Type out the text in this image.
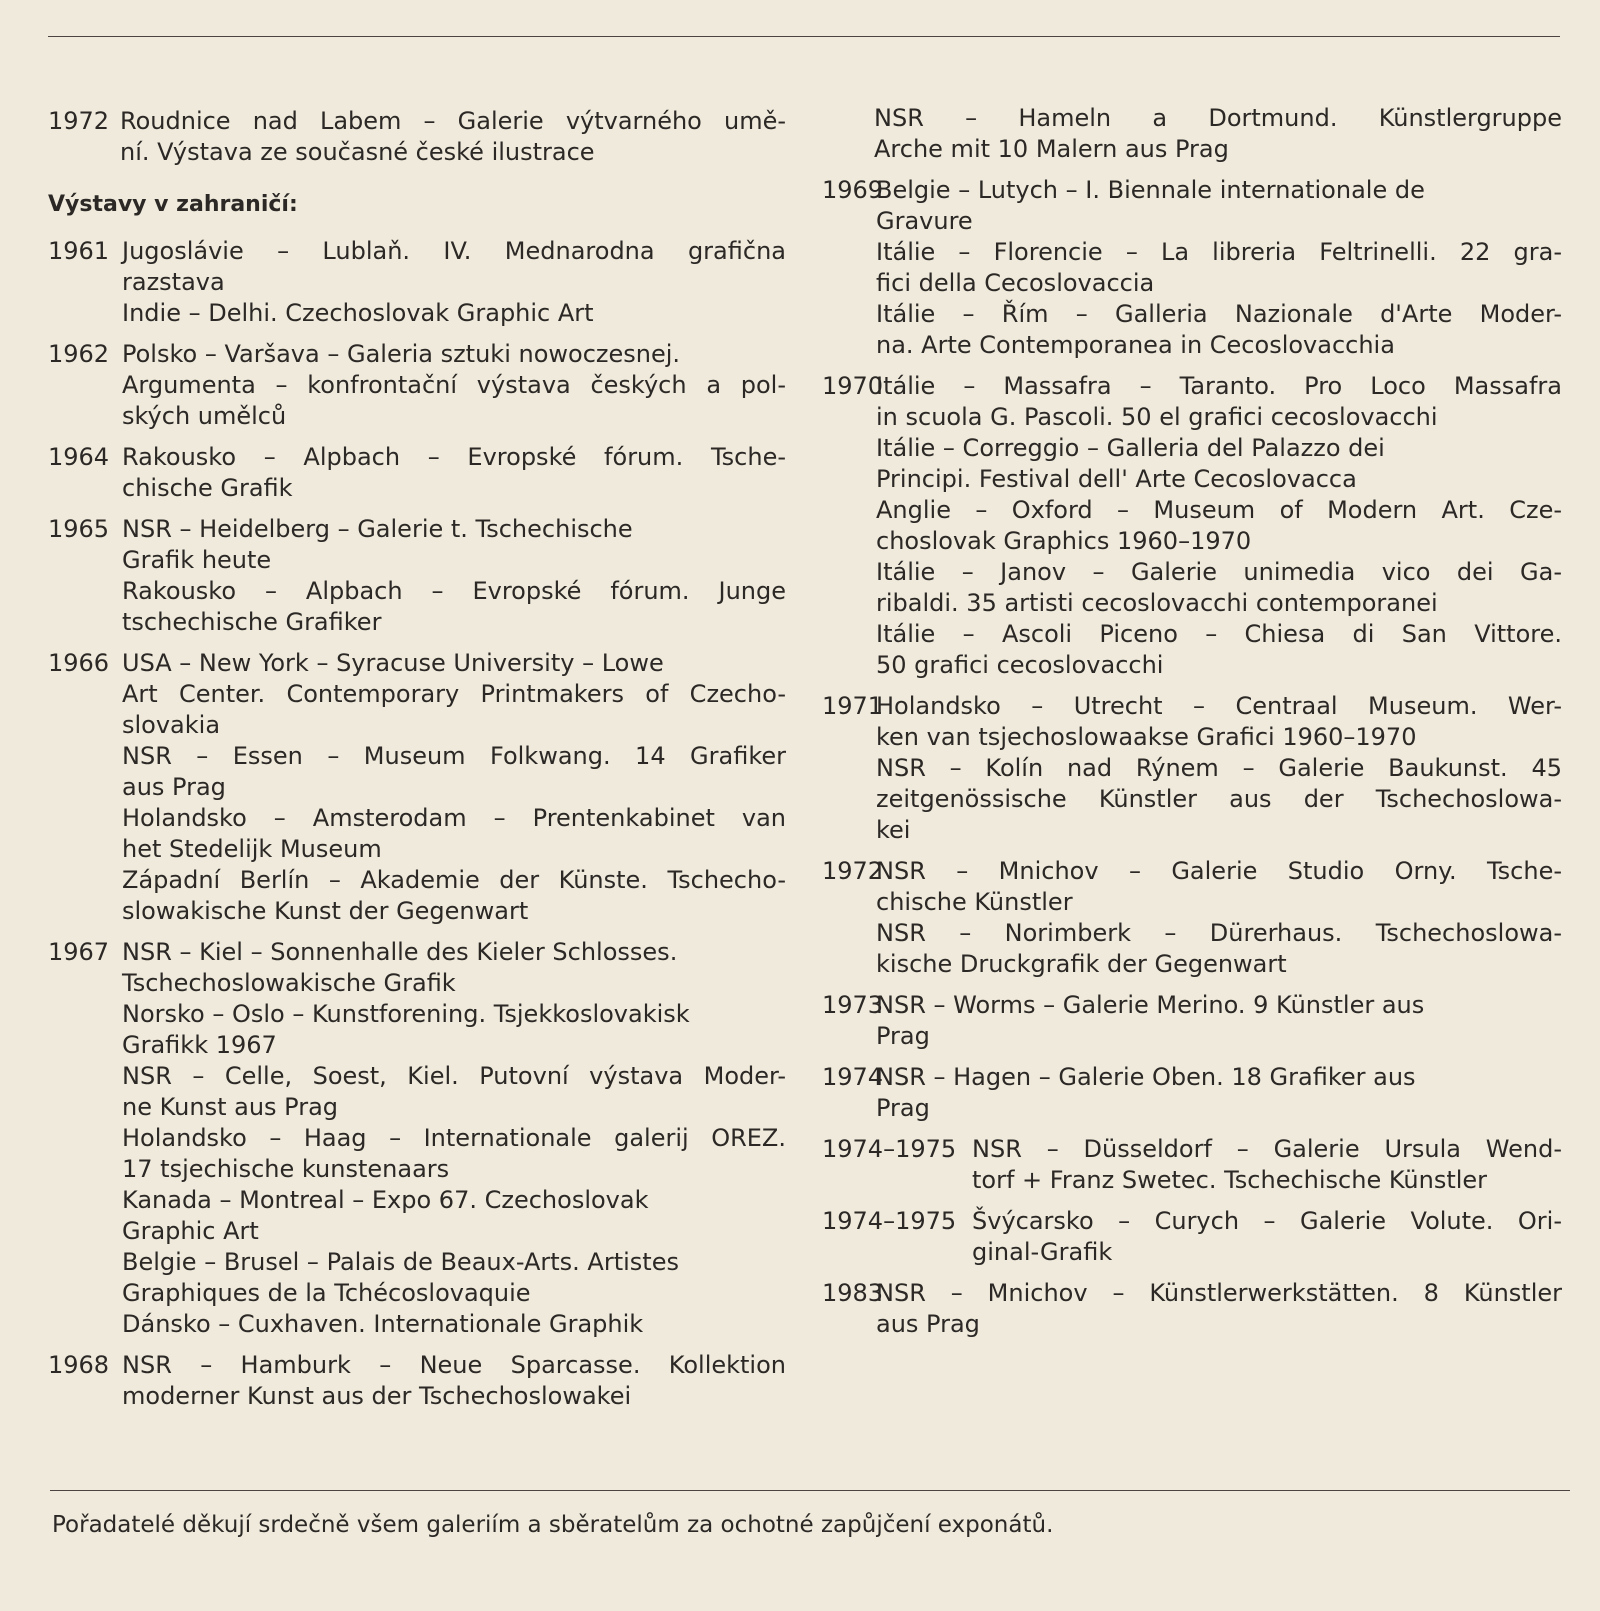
1972 Roudnice nad Labem – Galerie výtvarného umě-
ní. Výstava ze současné české ilustrace
Výstavy v zahraničí:
1961 Jugoslávie – Lublaň. IV. Mednarodna grafična
razstava
Indie – Delhi. Czechoslovak Graphic Art
1962 Polsko – Varšava – Galeria sztuki nowoczesnej.
Argumenta – konfrontační výstava českých a pol-
ských umělců
1964 Rakousko – Alpbach – Evropské fórum. Tsche-
chische Grafik
1965 NSR – Heidelberg – Galerie t. Tschechische
Grafik heute
Rakousko – Alpbach – Evropské fórum. Junge
tschechische Grafiker
1966 USA – New York – Syracuse University – Lowe
Art Center. Contemporary Printmakers of Czecho-
slovakia
NSR – Essen – Museum Folkwang. 14 Grafiker
aus Prag
Holandsko – Amsterodam – Prentenkabinet van
het Stedelijk Museum
Západní Berlín – Akademie der Künste. Tschecho-
slowakische Kunst der Gegenwart
1967 NSR – Kiel – Sonnenhalle des Kieler Schlosses.
Tschechoslowakische Grafik
Norsko – Oslo – Kunstforening. Tsjekkoslovakisk
Grafikk 1967
NSR – Celle, Soest, Kiel. Putovní výstava Moder-
ne Kunst aus Prag
Holandsko – Haag – Internationale galerij OREZ.
17 tsjechische kunstenaars
Kanada – Montreal – Expo 67. Czechoslovak
Graphic Art
Belgie – Brusel – Palais de Beaux-Arts. Artistes
Graphiques de la Tchécoslovaquie
Dánsko – Cuxhaven. Internationale Graphik
1968 NSR – Hamburk – Neue Sparcasse. Kollektion
moderner Kunst aus der Tschechoslowakei
NSR – Hameln a Dortmund. Künstlergruppe
Arche mit 10 Malern aus Prag
1969
Belgie – Lutych – I. Biennale internationale de
Gravure
Itálie – Florencie – La libreria Feltrinelli. 22 gra-
fici della Cecoslovaccia
Itálie – Řím – Galleria Nazionale d'Arte Moder-
na. Arte Contemporanea in Cecoslovacchia
1970
Itálie – Massafra – Taranto. Pro Loco Massafra
in scuola G. Pascoli. 50 el grafici cecoslovacchi
Itálie – Correggio – Galleria del Palazzo dei
Principi. Festival dell' Arte Cecoslovacca
Anglie – Oxford – Museum of Modern Art. Cze-
choslovak Graphics 1960–1970
Itálie – Janov – Galerie unimedia vico dei Ga-
ribaldi. 35 artisti cecoslovacchi contemporanei
Itálie – Ascoli Piceno – Chiesa di San Vittore.
50 grafici cecoslovacchi
1971
Holandsko – Utrecht – Centraal Museum. Wer-
ken van tsjechoslowaakse Grafici 1960–1970
NSR – Kolín nad Rýnem – Galerie Baukunst. 45
zeitgenössische Künstler aus der Tschechoslowa-
kei
1972
NSR – Mnichov – Galerie Studio Orny. Tsche-
chische Künstler
NSR – Norimberk – Dürerhaus. Tschechoslowa-
kische Druckgrafik der Gegenwart
1973
NSR – Worms – Galerie Merino. 9 Künstler aus
Prag
1974
NSR – Hagen – Galerie Oben. 18 Grafiker aus
Prag
1974–1975 NSR – Düsseldorf – Galerie Ursula Wend-
torf + Franz Swetec. Tschechische Künstler
1974–1975 Švýcarsko – Curych – Galerie Volute. Ori-
ginal-Grafik
1983
NSR – Mnichov – Künstlerwerkstätten. 8 Künstler
aus Prag
Pořadatelé děkují srdečně všem galeriím a sběratelům za ochotné zapůjčení exponátů.
